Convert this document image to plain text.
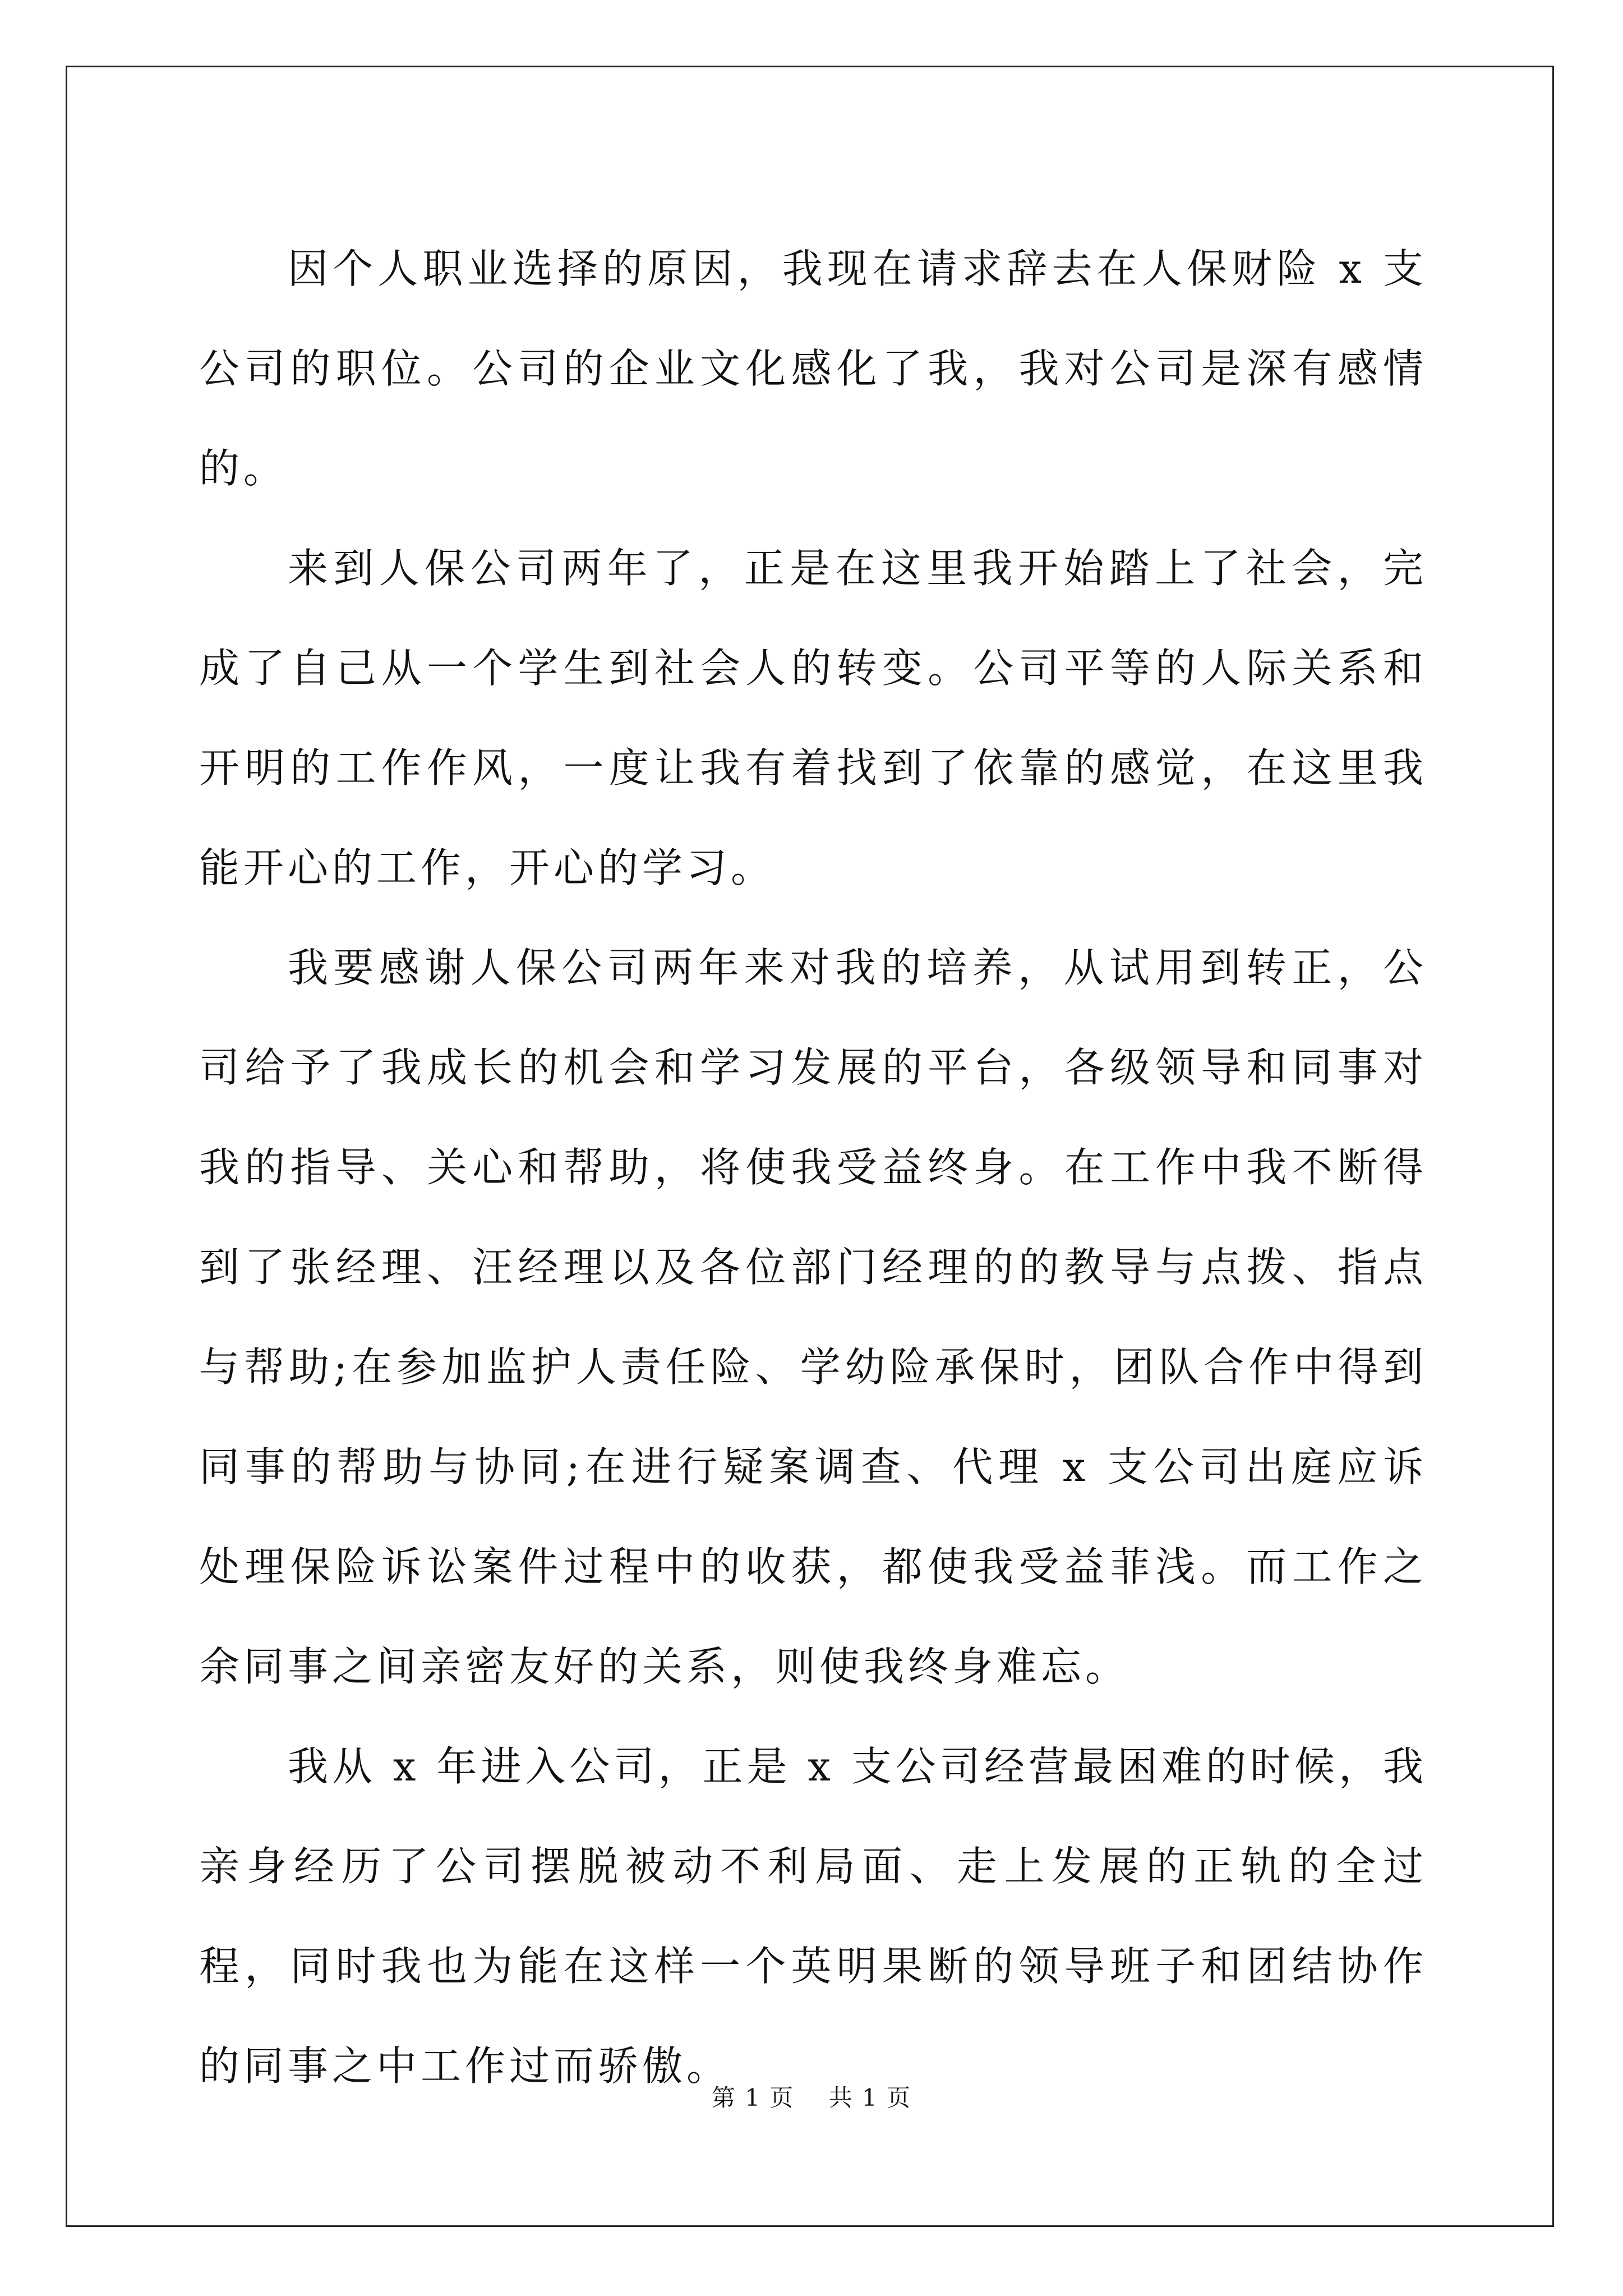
因个人职业选择的原因，我现在请求辞去在人保财险 x 支公司的职位。公司的企业文化感化了我，我对公司是深有感情的。

来到人保公司两年了，正是在这里我开始踏上了社会，完成了自己从一个学生到社会人的转变。公司平等的人际关系和开明的工作作风，一度让我有着找到了依靠的感觉，在这里我能开心的工作，开心的学习。

我要感谢人保公司两年来对我的培养，从试用到转正，公司给予了我成长的机会和学习发展的平台，各级领导和同事对我的指导、关心和帮助，将使我受益终身。在工作中我不断得到了张经理、汪经理以及各位部门经理的的教导与点拨、指点与帮助;在参加监护人责任险、学幼险承保时，团队合作中得到同事的帮助与协同;在进行疑案调查、代理 x 支公司出庭应诉处理保险诉讼案件过程中的收获，都使我受益菲浅。而工作之余同事之间亲密友好的关系，则使我终身难忘。

我从 x 年进入公司，正是 x 支公司经营最困难的时候，我亲身经历了公司摆脱被动不利局面、走上发展的正轨的全过程，同时我也为能在这样一个英明果断的领导班子和团结协作的同事之中工作过而骄傲。

第 1 页 共 1 页
